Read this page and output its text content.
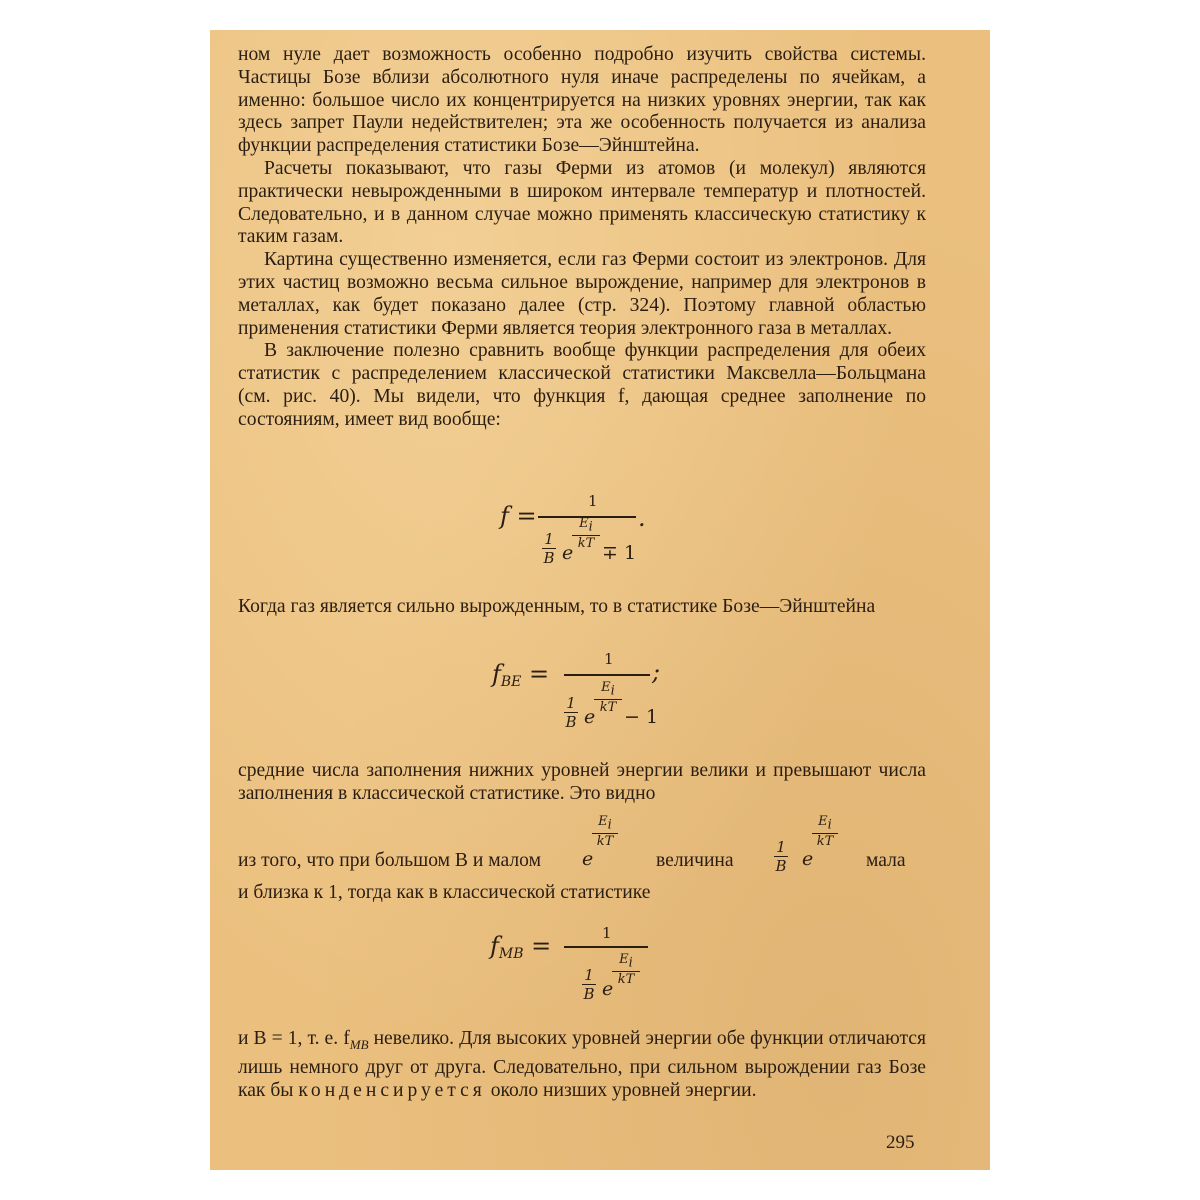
ном нуле дает возможность особенно подробно изучить свойства системы. Частицы Бозе вблизи абсолютного нуля иначе распределены по ячейкам, а именно: большое число их концентрируется на низких уровнях энергии, так как здесь запрет Паули недействителен; эта же особенность получается из анализа функции распределения статистики Бозе—Эйнштейна.

Расчеты показывают, что газы Ферми из атомов (и молекул) являются практически невырожденными в широком интервале температур и плотностей. Следовательно, и в данном случае можно применять классическую статистику к таким газам.

Картина существенно изменяется, если газ Ферми состоит из электронов. Для этих частиц возможно весьма сильное вырождение, например для электронов в металлах, как будет показано далее (стр. 324). Поэтому главной областью применения статистики Ферми является теория электронного газа в металлах.

В заключение полезно сравнить вообще функции распределения для обеих статистик с распределением классической статистики Максвелла—Больцмана (см. рис. 40). Мы видели, что функция f, дающая среднее заполнение по состояниям, имеет вид вообще:

f =
1
.
$\frac{1}{B}$ e
$E_i$
kT ∓ 1

Когда газ является сильно вырожденным, то в статистике Бозе—Эйнштейна

$f_{BE}$ =
1 ;
$\frac{1}{B}$ e
$E_i$
kT − 1

средние числа заполнения нижних уровней энергии велики и превышают числа заполнения в классической статистике. Это видно

из того, что при большом B и малом e
$E_i$
kT
величина	$\frac{1}{B}$ e
$E_i$
kT
мала

и близка к 1, тогда как в классической статистике

$f_{MB}$ =	1
$\frac{1}{B}$ e
$E_i$
kT

и B = 1, т. е. $f_{MB}$ невелико. Для высоких уровней энергии обе функции отличаются лишь немного друг от друга. Следовательно, при сильном вырождении газ Бозе как бы конденсируется около низших уровней энергии.

295
